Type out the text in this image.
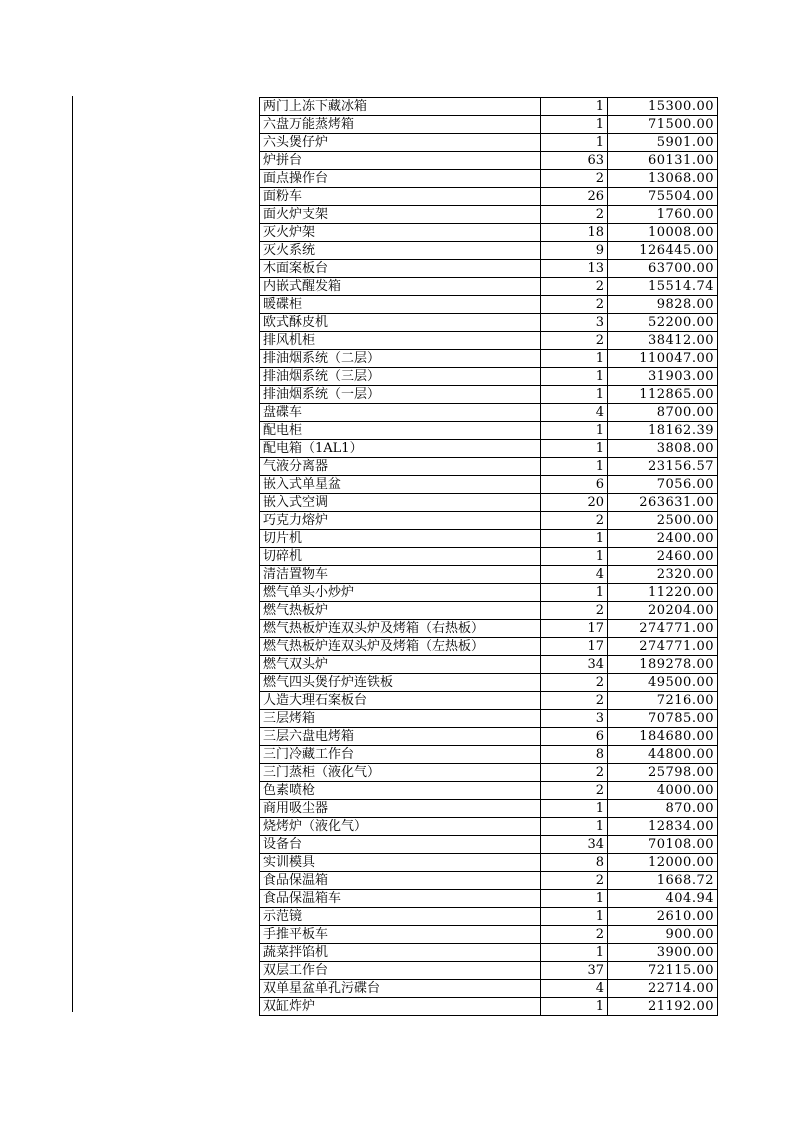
两门上冻下藏冰箱	1	15300.00
六盘万能蒸烤箱	1	71500.00
六头煲仔炉	1	5901.00
炉拼台	63	60131.00
面点操作台	2	13068.00
面粉车	26	75504.00
面火炉支架	2	1760.00
灭火炉架	18	10008.00
灭火系统	9	126445.00
木面案板台	13	63700.00
内嵌式醒发箱	2	15514.74
暖碟柜	2	9828.00
欧式酥皮机	3	52200.00
排风机柜	2	38412.00
排油烟系统（二层）	1	110047.00
排油烟系统（三层）	1	31903.00
排油烟系统（一层）	1	112865.00
盘碟车	4	8700.00
配电柜	1	18162.39
配电箱（1AL1）	1	3808.00
气液分离器	1	23156.57
嵌入式单星盆	6	7056.00
嵌入式空调	20	263631.00
巧克力熔炉	2	2500.00
切片机	1	2400.00
切碎机	1	2460.00
清洁置物车	4	2320.00
燃气单头小炒炉	1	11220.00
燃气热板炉	2	20204.00
燃气热板炉连双头炉及烤箱（右热板）	17	274771.00
燃气热板炉连双头炉及烤箱（左热板）	17	274771.00
燃气双头炉	34	189278.00
燃气四头煲仔炉连铁板	2	49500.00
人造大理石案板台	2	7216.00
三层烤箱	3	70785.00
三层六盘电烤箱	6	184680.00
三门冷藏工作台	8	44800.00
三门蒸柜（液化气）	2	25798.00
色素喷枪	2	4000.00
商用吸尘器	1	870.00
烧烤炉（液化气）	1	12834.00
设备台	34	70108.00
实训模具	8	12000.00
食品保温箱	2	1668.72
食品保温箱车	1	404.94
示范镜	1	2610.00
手推平板车	2	900.00
蔬菜拌馅机	1	3900.00
双层工作台	37	72115.00
双单星盆单孔污碟台	4	22714.00
双缸炸炉	1	21192.00
